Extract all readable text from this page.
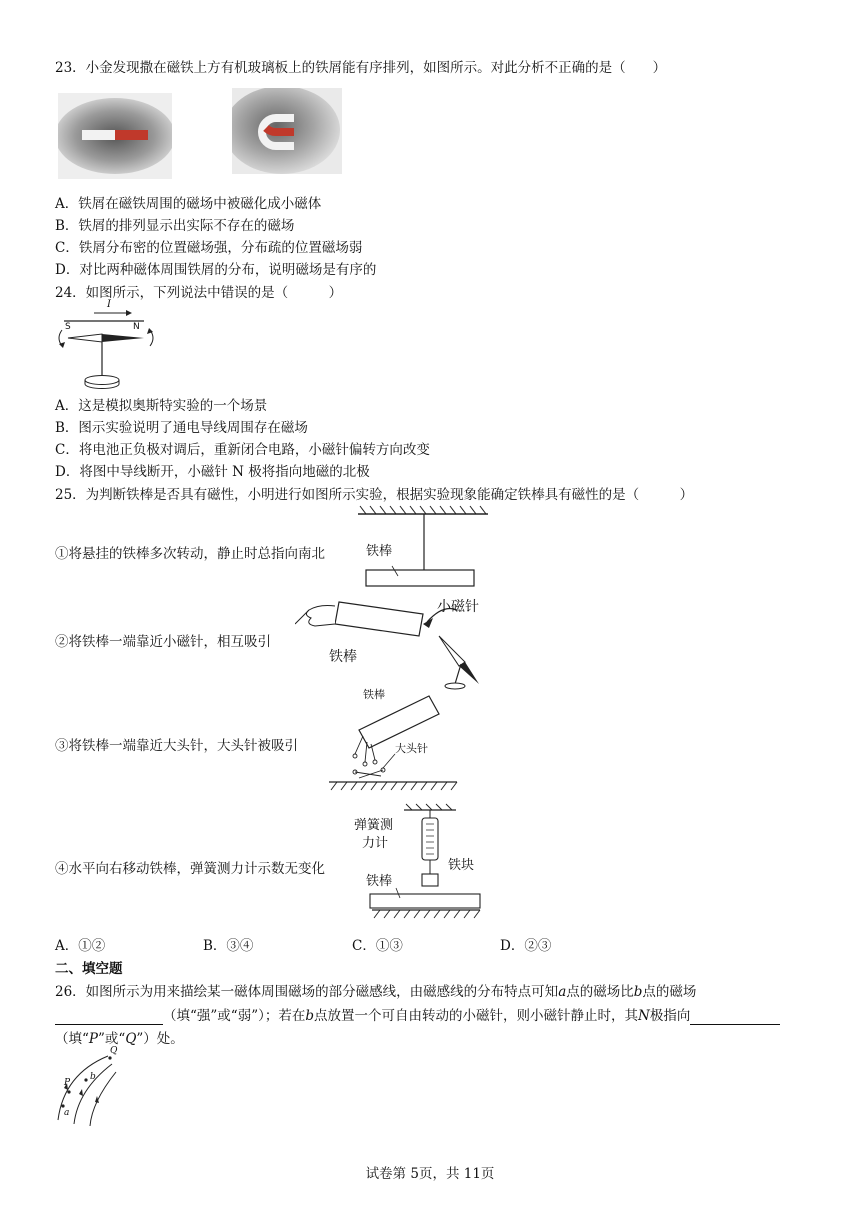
23．小金发现撒在磁铁上方有机玻璃板上的铁屑能有序排列，如图所示。对此分析不正确的是（　　）
A．铁屑在磁铁周围的磁场中被磁化成小磁体
B．铁屑的排列显示出实际不存在的磁场
C．铁屑分布密的位置磁场强，分布疏的位置磁场弱
D．对比两种磁体周围铁屑的分布，说明磁场是有序的
24．如图所示，下列说法中错误的是（　　　）
S	N
I
A．这是模拟奥斯特实验的一个场景
B．图示实验说明了通电导线周围存在磁场
C．将电池正负极对调后，重新闭合电路，小磁针偏转方向改变
D．将图中导线断开，小磁针 N 极将指向地磁的北极
25．为判断铁棒是否具有磁性，小明进行如图所示实验，根据实验现象能确定铁棒具有磁性的是（　　　）
①将悬挂的铁棒多次转动，静止时总指向南北
②将铁棒一端靠近小磁针，相互吸引
③将铁棒一端靠近大头针，大头针被吸引
④水平向右移动铁棒，弹簧测力计示数无变化
铁棒
小磁针
铁棒
铁棒
大头针
弹簧测
力计
铁块
铁棒
A．①②	B．③④	C．①③	D．②③
二、填空题
26．如图所示为用来描绘某一磁体周围磁场的部分磁感线，由磁感线的分布特点可知a点的磁场比b点的磁场
（填“强”或“弱”）；若在b点放置一个可自由转动的小磁针，则小磁针静止时，其N极指向
（填“P”或“Q”）处。
Q
P
b
a
试卷第 5页，共 11页
